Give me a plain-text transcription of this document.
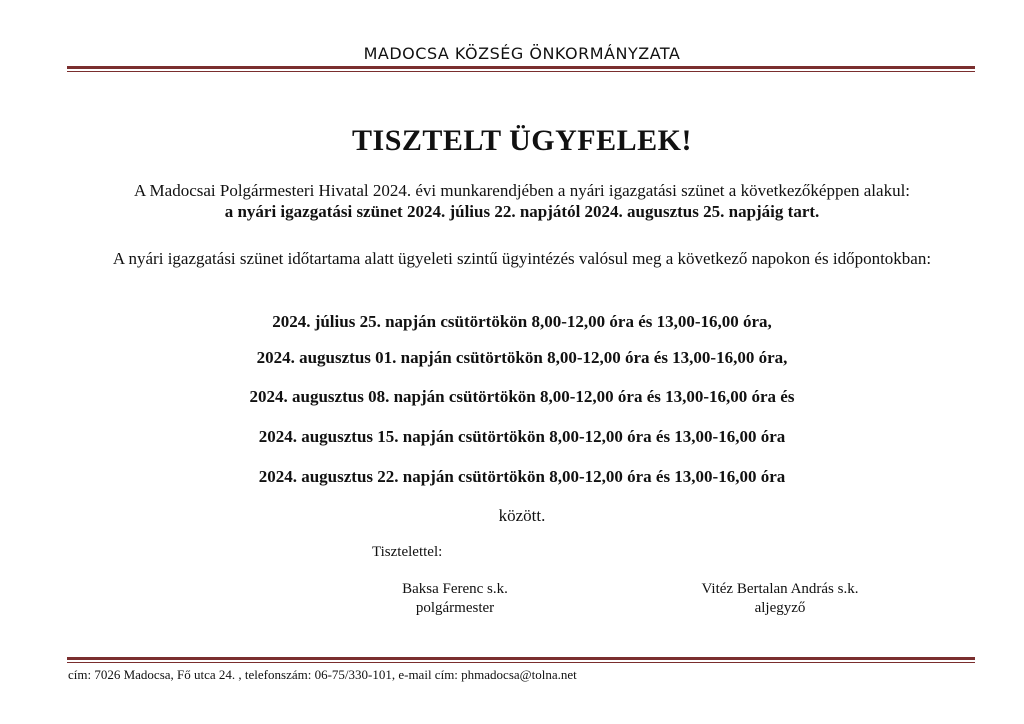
MADOCSA KÖZSÉG ÖNKORMÁNYZATA
TISZTELT ÜGYFELEK!
A Madocsai Polgármesteri Hivatal 2024. évi munkarendjében a nyári igazgatási szünet a következőképpen alakul:
a nyári igazgatási szünet 2024. július 22. napjától 2024. augusztus 25. napjáig tart.
A nyári igazgatási szünet időtartama alatt ügyeleti szintű ügyintézés valósul meg a következő napokon és időpontokban:
2024. július 25. napján csütörtökön 8,00-12,00 óra és 13,00-16,00 óra,
2024. augusztus 01. napján csütörtökön 8,00-12,00 óra és 13,00-16,00 óra,
2024. augusztus 08. napján csütörtökön 8,00-12,00 óra és 13,00-16,00 óra és
2024. augusztus 15. napján csütörtökön 8,00-12,00 óra és 13,00-16,00 óra
2024. augusztus 22. napján csütörtökön 8,00-12,00 óra és 13,00-16,00 óra
között.
Tisztelettel:
Baksa Ferenc s.k.
polgármester
Vitéz Bertalan András s.k.
aljegyző
cím: 7026 Madocsa, Fő utca 24. , telefonszám: 06-75/330-101, e-mail cím: phmadocsa@tolna.net
